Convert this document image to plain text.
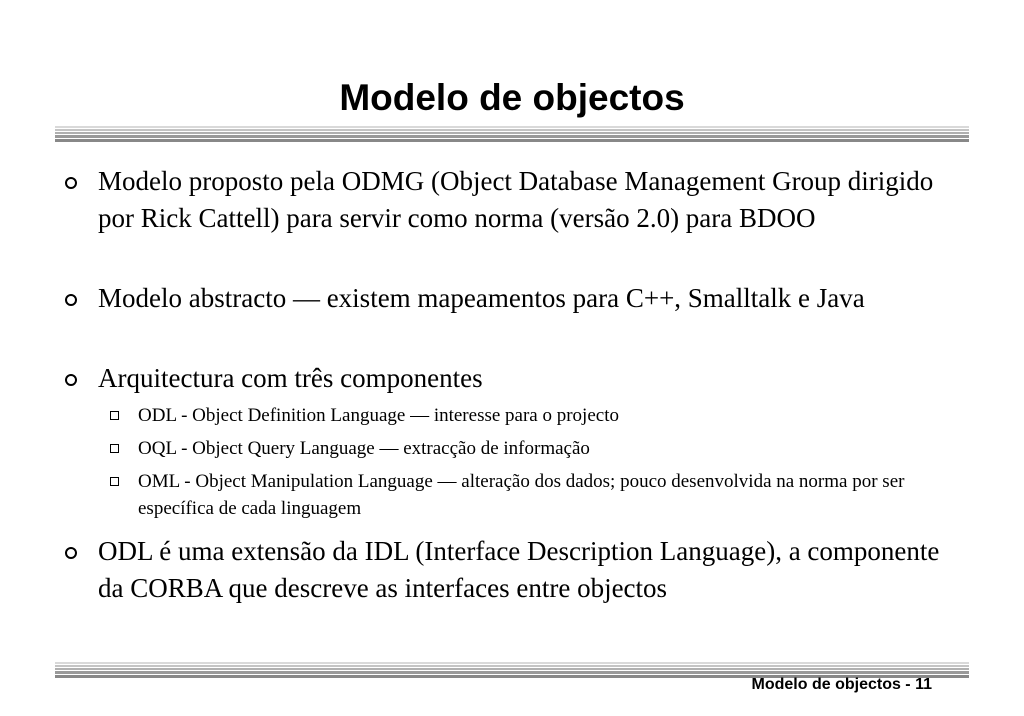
Modelo de objectos
Modelo proposto pela ODMG (Object Database Management Group dirigido por Rick Cattell) para servir como norma (versão 2.0) para BDOO
Modelo abstracto — existem mapeamentos para C++, Smalltalk e Java
Arquitectura com três componentes
ODL - Object Definition Language — interesse para o projecto
OQL - Object Query Language — extracção de informação
OML - Object Manipulation Language — alteração dos dados; pouco desenvolvida na norma por ser específica de cada linguagem
ODL é uma extensão da IDL (Interface Description Language), a componente da CORBA que descreve as interfaces entre objectos
Modelo de objectos - 11
